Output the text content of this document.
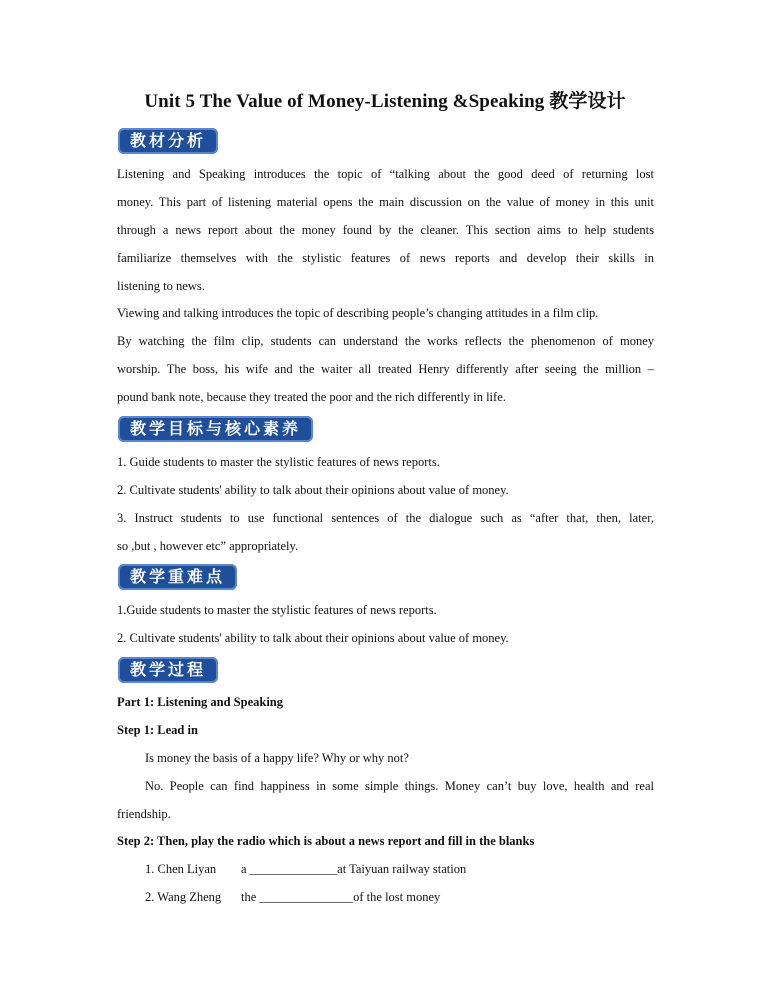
Unit 5 The Value of Money-Listening &Speaking 教学设计
教材分析
Listening and Speaking introduces the topic of “talking about the good deed of returning lost
money. This part of listening material opens the main discussion on the value of money in this unit
through a news report about the money found by the cleaner. This section aims to help students
familiarize themselves with the stylistic features of news reports and develop their skills in
listening to news.
Viewing and talking introduces the topic of describing people’s changing attitudes in a film clip.
By watching the film clip, students can understand the works reflects the phenomenon of money
worship. The boss, his wife and the waiter all treated Henry differently after seeing the million –
pound bank note, because they treated the poor and the rich differently in life.
教学目标与核心素养
1. Guide students to master the stylistic features of news reports.
2. Cultivate students' ability to talk about their opinions about value of money.
3. Instruct students to use functional sentences of the dialogue such as “after that, then, later,
so ,but , however etc” appropriately.
教学重难点
1.Guide students to master the stylistic features of news reports.
2. Cultivate students' ability to talk about their opinions about value of money.
教学过程
Part 1: Listening and Speaking
Step 1: Lead in
Is money the basis of a happy life? Why or why not?
No. People can find happiness in some simple things. Money can’t buy love, health and real
friendship.
Step 2: Then, play the radio which is about a news report and fill in the blanks
1. Chen Liyan a ______________at Taiyuan railway station
2. Wang Zheng the _______________of the lost money
